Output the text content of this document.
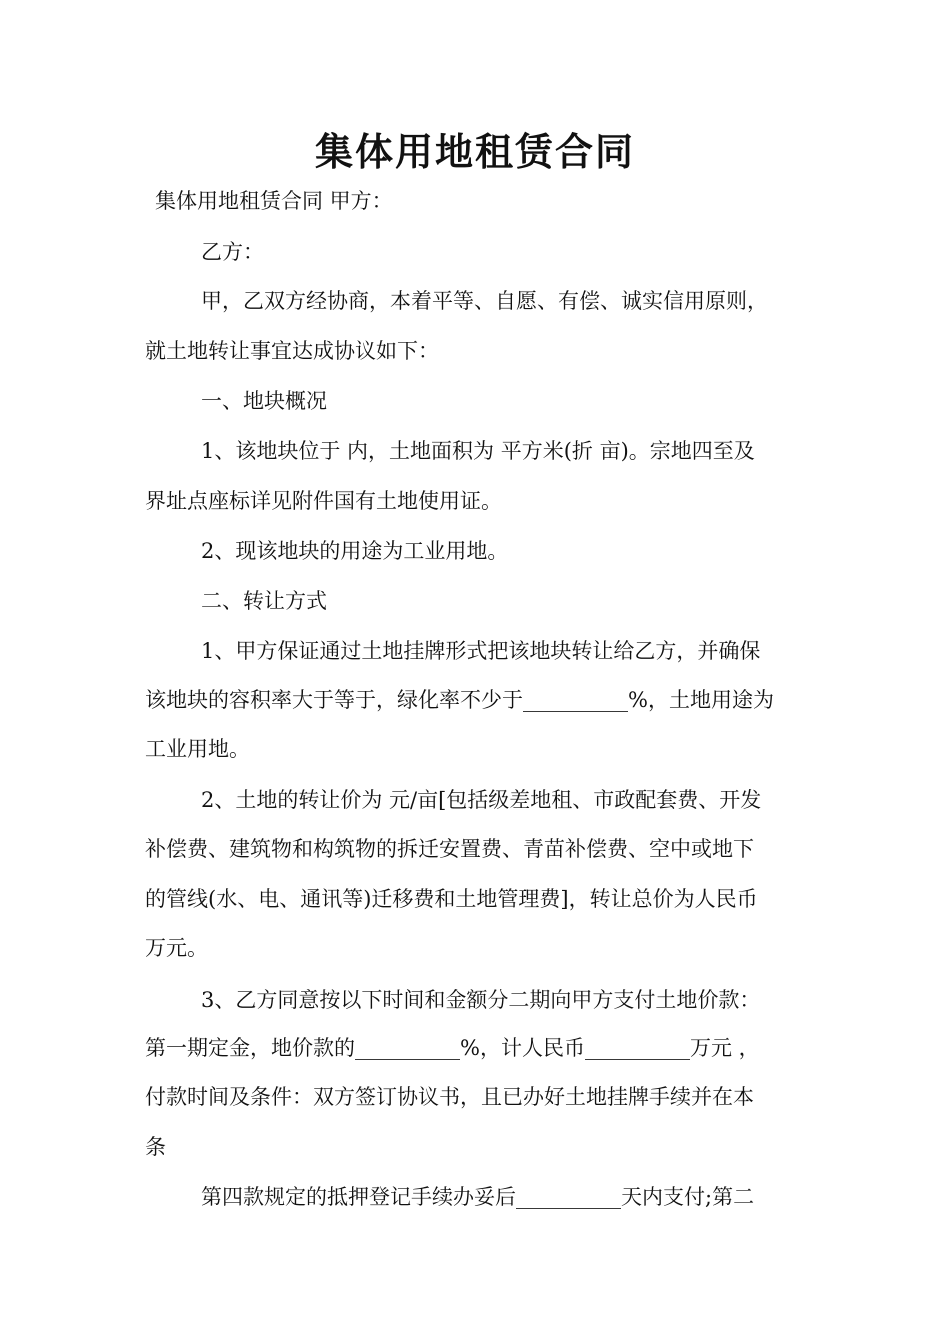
集体用地租赁合同
集体用地租赁合同 甲方：
乙方：
甲，乙双方经协商，本着平等、自愿、有偿、诚实信用原则，
就土地转让事宜达成协议如下：
一、地块概况
1、该地块位于 内，土地面积为 平方米(折 亩)。宗地四至及
界址点座标详见附件国有土地使用证。
2、现该地块的用途为工业用地。
二、转让方式
1、甲方保证通过土地挂牌形式把该地块转让给乙方，并确保
该地块的容积率大于等于，绿化率不少于__________%，土地用途为
工业用地。
2、土地的转让价为 元/亩[包括级差地租、市政配套费、开发
补偿费、建筑物和构筑物的拆迁安置费、青苗补偿费、空中或地下
的管线(水、电、通讯等)迁移费和土地管理费]，转让总价为人民币
万元。
3、乙方同意按以下时间和金额分二期向甲方支付土地价款：
第一期定金，地价款的__________%，计人民币__________万元 ，
付款时间及条件：双方签订协议书，且已办好土地挂牌手续并在本
条
第四款规定的抵押登记手续办妥后__________天内支付;第二
